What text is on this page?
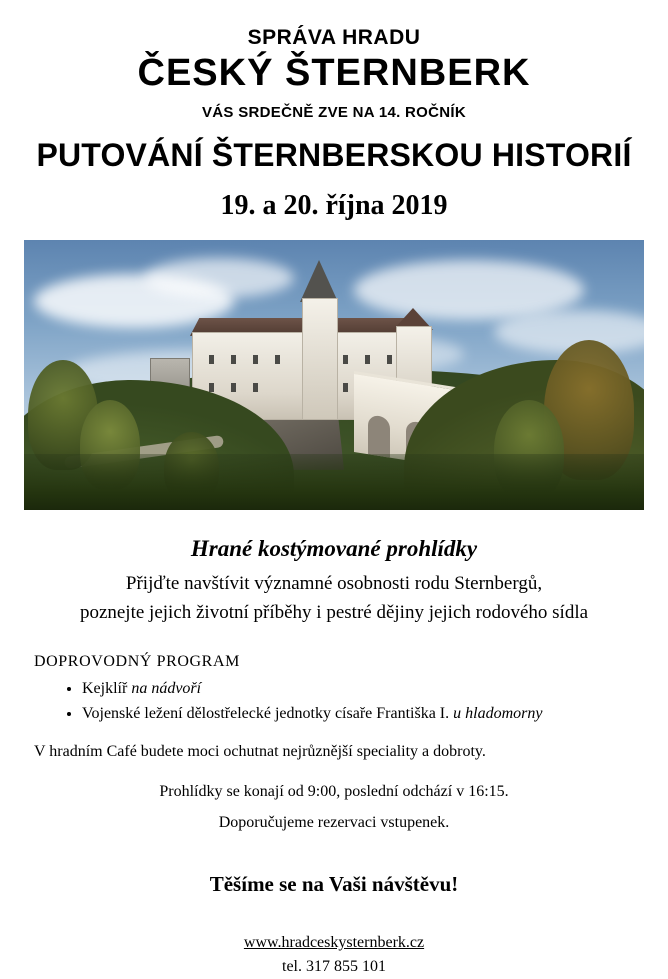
SPRÁVA HRADU
ČESKÝ ŠTERNBERK
VÁS SRDEČNĚ ZVE NA 14. ROČNÍK
PUTOVÁNÍ ŠTERNBERSKOU HISTORIÍ
19. a 20. října 2019
Hrané kostýmované prohlídky
Přijďte navštívit významné osobnosti rodu Sternbergů,
poznejte jejich životní příběhy i pestré dějiny jejich rodového sídla
DOPROVODNÝ PROGRAM
• Kejklíř na nádvoří
• Vojenské ležení dělostřelecké jednotky císaře Františka I. u hladomorny
V hradním Café budete moci ochutnat nejrůznější speciality a dobroty.
Prohlídky se konají od 9:00, poslední odchází v 16:15.
Doporučujeme rezervaci vstupenek.
Těšíme se na Vaši návštěvu!
www.hradceskysternberk.cz
tel. 317 855 101
